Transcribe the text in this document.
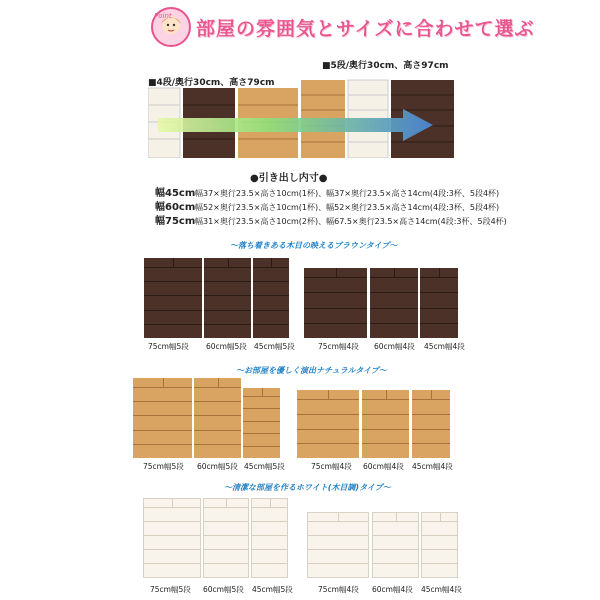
Point
部屋の雰囲気とサイズに合わせて選ぶ
■5段/奥行30cm、高さ97cm
■4段/奥行30cm、高さ79cm
●引き出し内寸●
幅45cm幅37×奥行23.5×高さ10cm(1杯)、幅37×奥行23.5×高さ14cm(4段:3杯、5段4杯)
幅60cm幅52×奥行23.5×高さ10cm(1杯)、幅52×奥行23.5×高さ14cm(4段:3杯、5段4杯)
幅75cm幅31×奥行23.5×高さ10cm(2杯)、幅67.5×奥行23.5×高さ14cm(4段:3杯、5段4杯)
〜落ち着きある木目の映えるブラウンタイプ〜
〜お部屋を優しく演出ナチュラルタイプ〜
〜清潔な部屋を作るホワイト(木目調)タイプ〜
75cm幅5段 60cm幅5段 45cm幅5段	75cm幅4段 60cm幅4段 45cm幅4段
75cm幅5段 60cm幅5段 45cm幅5段	75cm幅4段 60cm幅4段 45cm幅4段
75cm幅5段 60cm幅5段 45cm幅5段	75cm幅4段 60cm幅4段 45cm幅4段
